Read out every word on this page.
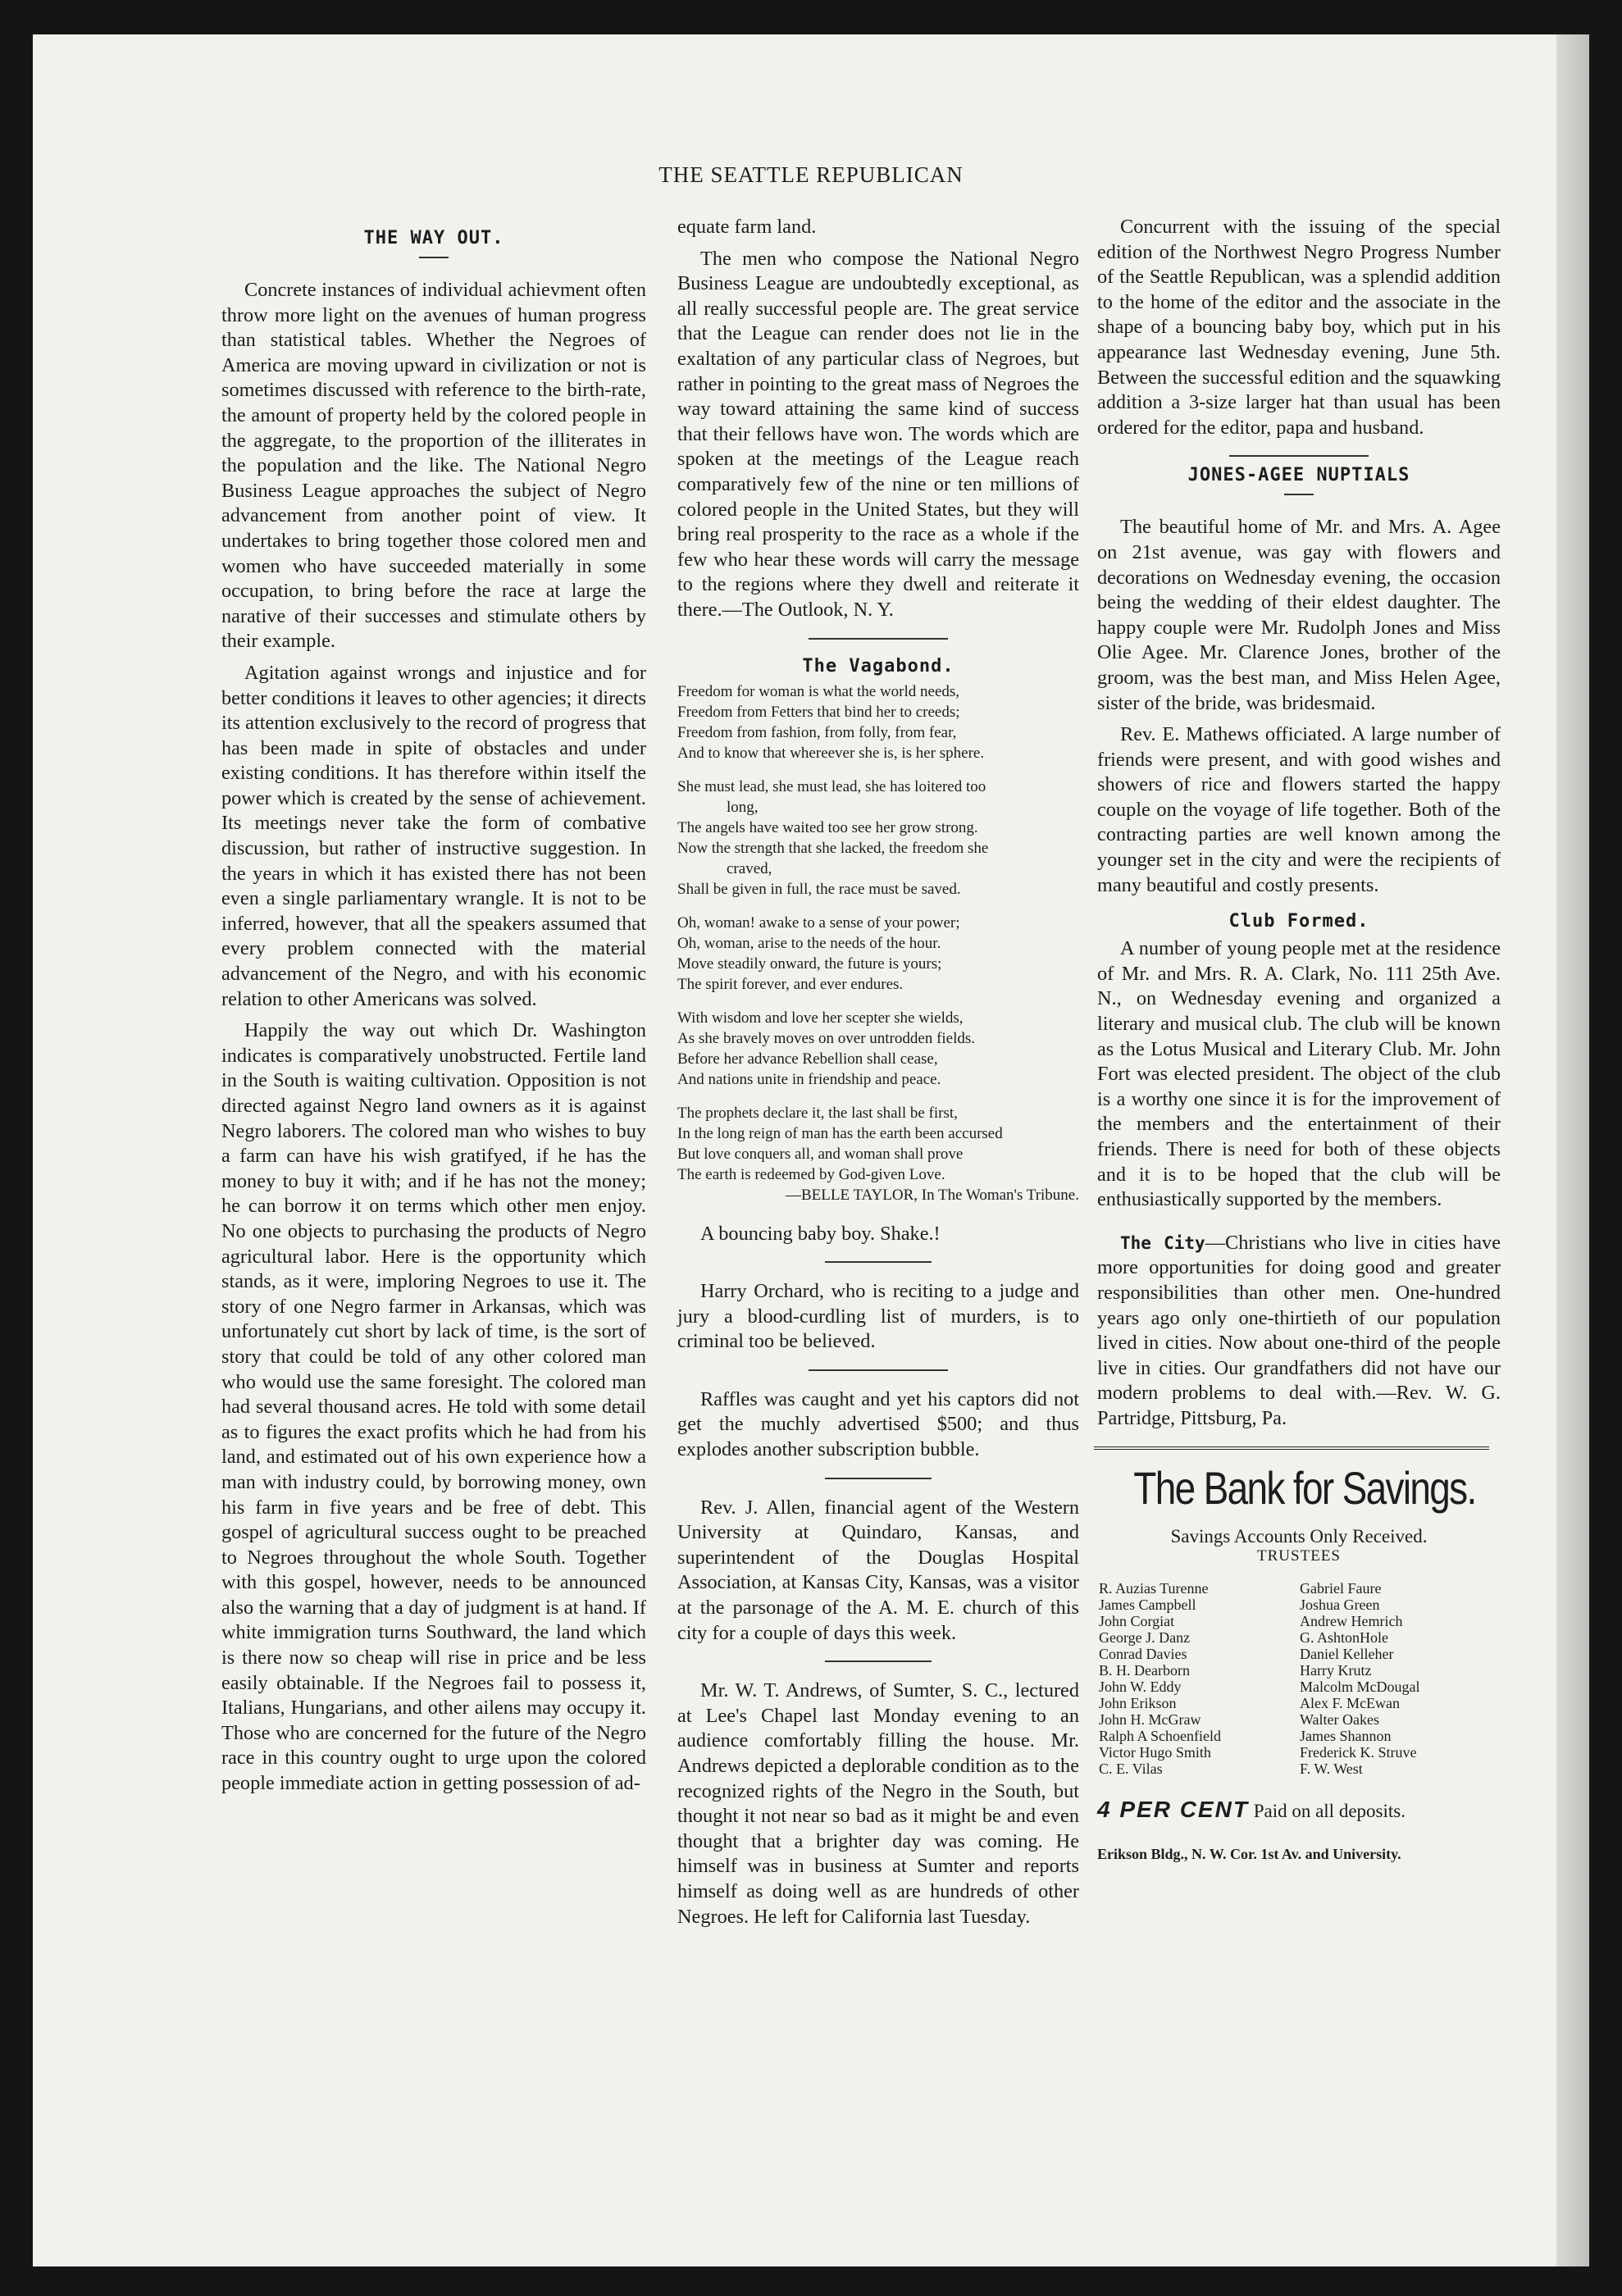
THE SEATTLE REPUBLICAN
THE WAY OUT.

Concrete instances of individual achievment often throw more light on the avenues of human progress than statistical tables. Whether the Negroes of America are moving upward in civilization or not is sometimes discussed with reference to the birth-rate, the amount of property held by the colored people in the aggregate, to the proportion of the illiterates in the population and the like. The National Negro Business League approaches the subject of Negro advancement from another point of view. It undertakes to bring together those colored men and women who have succeeded materially in some occupation, to bring before the race at large the narative of their successes and stimulate others by their example.

Agitation against wrongs and injustice and for better conditions it leaves to other agencies; it directs its attention exclusively to the record of progress that has been made in spite of obstacles and under existing conditions. It has therefore within itself the power which is created by the sense of achievement. Its meetings never take the form of combative discussion, but rather of instructive suggestion. In the years in which it has existed there has not been even a single parliamentary wrangle. It is not to be inferred, however, that all the speakers assumed that every problem connected with the material advancement of the Negro, and with his economic relation to other Americans was solved.

Happily the way out which Dr. Washington indicates is comparatively unobstructed. Fertile land in the South is waiting cultivation. Opposition is not directed against Negro land owners as it is against Negro laborers. The colored man who wishes to buy a farm can have his wish gratifyed, if he has the money to buy it with; and if he has not the money; he can borrow it on terms which other men enjoy. No one objects to purchasing the products of Negro agricultural labor. Here is the opportunity which stands, as it were, imploring Negroes to use it. The story of one Negro farmer in Arkansas, which was unfortunately cut short by lack of time, is the sort of story that could be told of any other colored man who would use the same foresight. The colored man had several thousand acres. He told with some detail as to figures the exact profits which he had from his land, and estimated out of his own experience how a man with industry could, by borrowing money, own his farm in five years and be free of debt. This gospel of agricultural success ought to be preached to Negroes throughout the whole South. Together with this gospel, however, needs to be announced also the warning that a day of judgment is at hand. If white immigration turns Southward, the land which is there now so cheap will rise in price and be less easily obtainable. If the Negroes fail to possess it, Italians, Hungarians, and other ailens may occupy it. Those who are concerned for the future of the Negro race in this country ought to urge upon the colored people immediate action in getting possession of ad-

equate farm land.

The men who compose the National Negro Business League are undoubtedly exceptional, as all really successful people are. The great service that the League can render does not lie in the exaltation of any particular class of Negroes, but rather in pointing to the great mass of Negroes the way toward attaining the same kind of success that their fellows have won. The words which are spoken at the meetings of the League reach comparatively few of the nine or ten millions of colored people in the United States, but they will bring real prosperity to the race as a whole if the few who hear these words will carry the message to the regions where they dwell and reiterate it there.—The Outlook, N. Y.

The Vagabond.
Freedom for woman is what the world needs,
Freedom from Fetters that bind her to creeds;
Freedom from fashion, from folly, from fear,
And to know that whereever she is, is her sphere.
She must lead, she must lead, she has loitered too
long,
The angels have waited too see her grow strong.
Now the strength that she lacked, the freedom she
craved,
Shall be given in full, the race must be saved.
Oh, woman! awake to a sense of your power;
Oh, woman, arise to the needs of the hour.
Move steadily onward, the future is yours;
The spirit forever, and ever endures.
With wisdom and love her scepter she wields,
As she bravely moves on over untrodden fields.
Before her advance Rebellion shall cease,
And nations unite in friendship and peace.
The prophets declare it, the last shall be first,
In the long reign of man has the earth been accursed
But love conquers all, and woman shall prove
The earth is redeemed by God-given Love.
—BELLE TAYLOR, In The Woman's Tribune.
A bouncing baby boy. Shake.!

Harry Orchard, who is reciting to a judge and jury a blood-curdling list of murders, is to criminal too be believed.

Raffles was caught and yet his captors did not get the muchly advertised $500; and thus explodes another subscription bubble.

Rev. J. Allen, financial agent of the Western University at Quindaro, Kansas, and superintendent of the Douglas Hospital Association, at Kansas City, Kansas, was a visitor at the parsonage of the A. M. E. church of this city for a couple of days this week.

Mr. W. T. Andrews, of Sumter, S. C., lectured at Lee's Chapel last Monday evening to an audience comfortably filling the house. Mr. Andrews depicted a deplorable condition as to the recognized rights of the Negro in the South, but thought it not near so bad as it might be and even thought that a brighter day was coming. He himself was in business at Sumter and reports himself as doing well as are hundreds of other Negroes. He left for California last Tuesday.

Concurrent with the issuing of the special edition of the Northwest Negro Progress Number of the Seattle Republican, was a splendid addition to the home of the editor and the associate in the shape of a bouncing baby boy, which put in his appearance last Wednesday evening, June 5th. Between the successful edition and the squawking addition a 3-size larger hat than usual has been ordered for the editor, papa and husband.

JONES-AGEE NUPTIALS

The beautiful home of Mr. and Mrs. A. Agee on 21st avenue, was gay with flowers and decorations on Wednesday evening, the occasion being the wedding of their eldest daughter. The happy couple were Mr. Rudolph Jones and Miss Olie Agee. Mr. Clarence Jones, brother of the groom, was the best man, and Miss Helen Agee, sister of the bride, was bridesmaid.

Rev. E. Mathews officiated. A large number of friends were present, and with good wishes and showers of rice and flowers started the happy couple on the voyage of life together. Both of the contracting parties are well known among the younger set in the city and were the recipients of many beautiful and costly presents.

Club Formed.

A number of young people met at the residence of Mr. and Mrs. R. A. Clark, No. 111 25th Ave. N., on Wednesday evening and organized a literary and musical club. The club will be known as the Lotus Musical and Literary Club. Mr. John Fort was elected president. The object of the club is a worthy one since it is for the improvement of the members and the entertainment of their friends. There is need for both of these objects and it is to be hoped that the club will be enthusiastically supported by the members.

The City—Christians who live in cities have more opportunities for doing good and greater responsibilities than other men. One-hundred years ago only one-thirtieth of our population lived in cities. Now about one-third of the people live in cities. Our grandfathers did not have our modern problems to deal with.—Rev. W. G. Partridge, Pittsburg, Pa.

The Bank for Savings.
Savings Accounts Only Received.
TRUSTEES
R. Auzias Turenne
James Campbell
John Corgiat
George J. Danz
Conrad Davies
B. H. Dearborn
John W. Eddy
John Erikson
John H. McGraw
Ralph A Schoenfield
Victor Hugo Smith
C. E. Vilas
Gabriel Faure
Joshua Green
Andrew Hemrich
G. AshtonHole
Daniel Kelleher
Harry Krutz
Malcolm McDougal
Alex F. McEwan
Walter Oakes
James Shannon
Frederick K. Struve
F. W. West
4 PER CENT Paid on all deposits.
Erikson Bldg., N. W. Cor. 1st Av. and University.
